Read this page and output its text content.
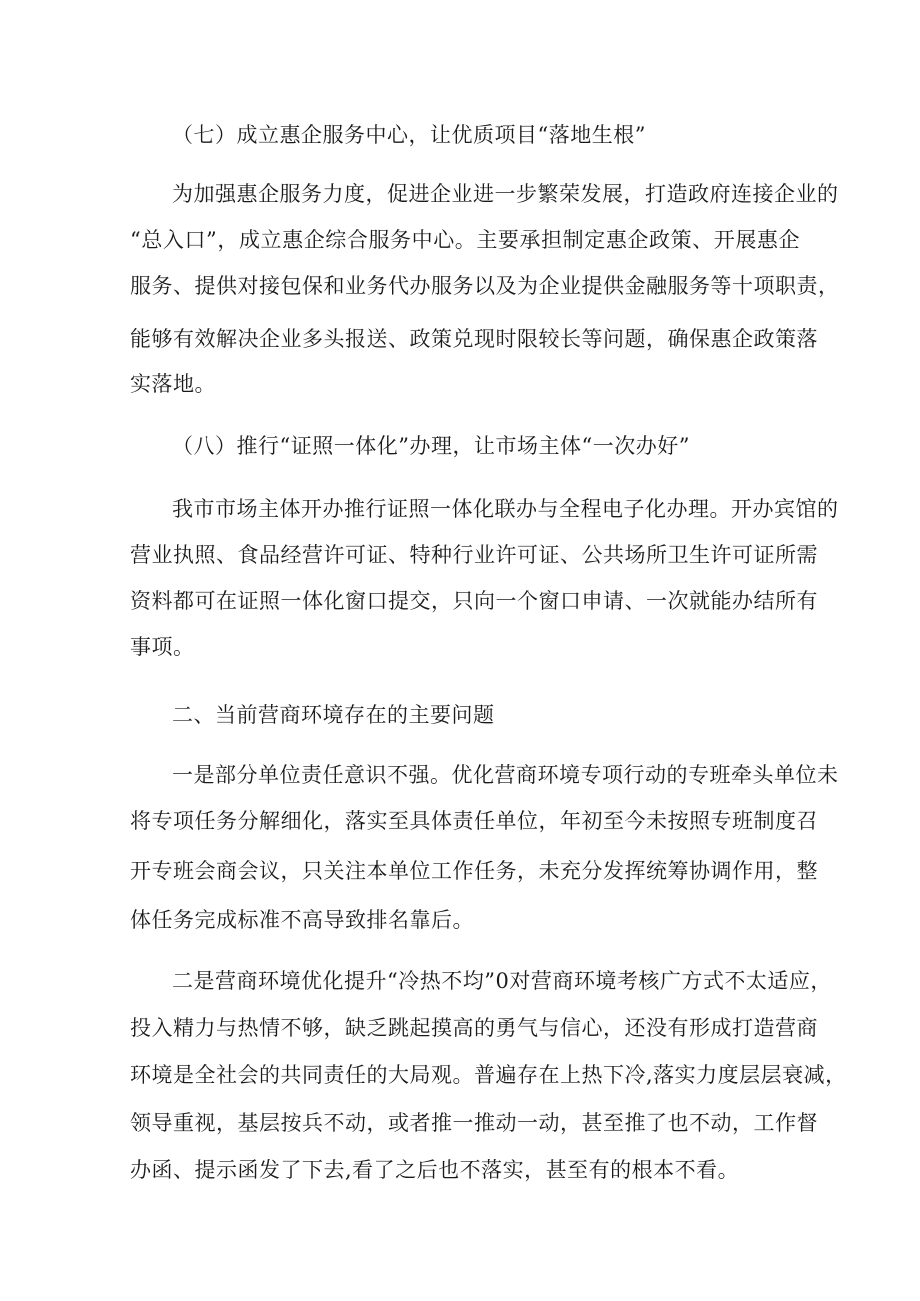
（七）成立惠企服务中心，让优质项目“落地生根”
为加强惠企服务力度，促进企业进一步繁荣发展，打造政府连接企业的
“总入口”，成立惠企综合服务中心。主要承担制定惠企政策、开展惠企
服务、提供对接包保和业务代办服务以及为企业提供金融服务等十项职责，
能够有效解决企业多头报送、政策兑现时限较长等问题，确保惠企政策落
实落地。
（八）推行“证照一体化”办理，让市场主体“一次办好”
我市市场主体开办推行证照一体化联办与全程电子化办理。开办宾馆的
营业执照、食品经营许可证、特种行业许可证、公共场所卫生许可证所需
资料都可在证照一体化窗口提交，只向一个窗口申请、一次就能办结所有
事项。
二、当前营商环境存在的主要问题
一是部分单位责任意识不强。优化营商环境专项行动的专班牵头单位未
将专项任务分解细化，落实至具体责任单位，年初至今未按照专班制度召
开专班会商会议，只关注本单位工作任务，未充分发挥统筹协调作用，整
体任务完成标准不高导致排名靠后。
二是营商环境优化提升“冷热不均”0对营商环境考核广方式不太适应，
投入精力与热情不够，缺乏跳起摸高的勇气与信心，还没有形成打造营商
环境是全社会的共同责任的大局观。普遍存在上热下冷,落实力度层层衰减，
领导重视，基层按兵不动，或者推一推动一动，甚至推了也不动，工作督
办函、提示函发了下去,看了之后也不落实，甚至有的根本不看。
